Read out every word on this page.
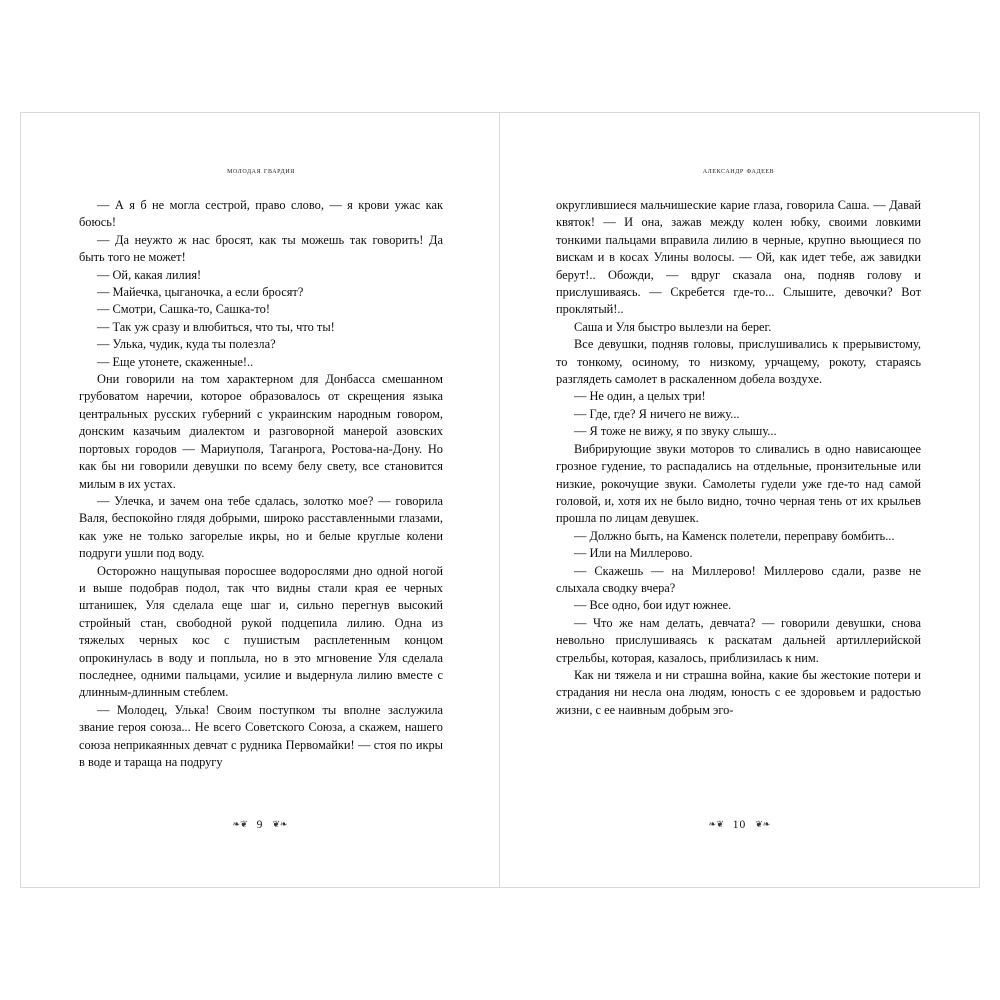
молодая гвардия

— А я б не могла сестрой, право слово, — я крови ужас как боюсь!

— Да неужто ж нас бросят, как ты можешь так говорить! Да быть того не может!

— Ой, какая лилия!

— Майечка, цыганочка, а если бросят?

— Смотри, Сашка-то, Сашка-то!

— Так уж сразу и влюбиться, что ты, что ты!

— Улька, чудик, куда ты полезла?

— Еще утонете, скаженные!..

Они говорили на том характерном для Донбасса смешанном грубоватом наречии, которое образовалось от скрещения языка центральных русских губерний с украинским народным говором, донским казачьим диалектом и разговорной манерой азовских портовых городов — Мариуполя, Таганрога, Ростова-на-Дону. Но как бы ни говорили девушки по всему белу свету, все становится милым в их устах.

— Улечка, и зачем она тебе сдалась, золотко мое? — говорила Валя, беспокойно глядя добрыми, широко расставленными глазами, как уже не только загорелые икры, но и белые круглые колени подруги ушли под воду.

Осторожно нащупывая поросшее водорослями дно одной ногой и выше подобрав подол, так что видны стали края ее черных штанишек, Уля сделала еще шаг и, сильно перегнув высокий стройный стан, свободной рукой подцепила лилию. Одна из тяжелых черных кос с пушистым расплетенным концом опрокинулась в воду и поплыла, но в это мгновение Уля сделала последнее, одними пальцами, усилие и выдернула лилию вместе с длинным-длинным стеблем.

— Молодец, Улька! Своим поступком ты вполне заслужила звание героя союза... Не всего Советского Союза, а скажем, нашего союза неприкаянных девчат с рудника Первомайки! — стоя по икры в воде и тараща на подругу

❧❦ 9 ❦❧
александр фадеев

округлившиеся мальчишеские карие глаза, говорила Саша. — Давай квяток! — И она, зажав между колен юбку, своими ловкими тонкими пальцами вправила лилию в черные, крупно вьющиеся по вискам и в косах Улины волосы. — Ой, как идет тебе, аж завидки берут!.. Обожди, — вдруг сказала она, подняв голову и прислушиваясь. — Скребется где-то... Слышите, девочки? Вот проклятый!..

Саша и Уля быстро вылезли на берег.

Все девушки, подняв головы, прислушивались к прерывистому, то тонкому, осиному, то низкому, урчащему, рокоту, стараясь разглядеть самолет в раскаленном добела воздухе.

— Не один, а целых три!

— Где, где? Я ничего не вижу...

— Я тоже не вижу, я по звуку слышу...

Вибрирующие звуки моторов то сливались в одно нависающее грозное гудение, то распадались на отдельные, пронзительные или низкие, рокочущие звуки. Самолеты гудели уже где-то над самой головой, и, хотя их не было видно, точно черная тень от их крыльев прошла по лицам девушек.

— Должно быть, на Каменск полетели, переправу бомбить...

— Или на Миллерово.

— Скажешь — на Миллерово! Миллерово сдали, разве не слыхала сводку вчера?

— Все одно, бои идут южнее.

— Что же нам делать, девчата? — говорили девушки, снова невольно прислушиваясь к раскатам дальней артиллерийской стрельбы, которая, казалось, приблизилась к ним.

Как ни тяжела и ни страшна война, какие бы жестокие потери и страдания ни несла она людям, юность с ее здоровьем и радостью жизни, с ее наивным добрым эго-

❧❦ 10 ❦❧
